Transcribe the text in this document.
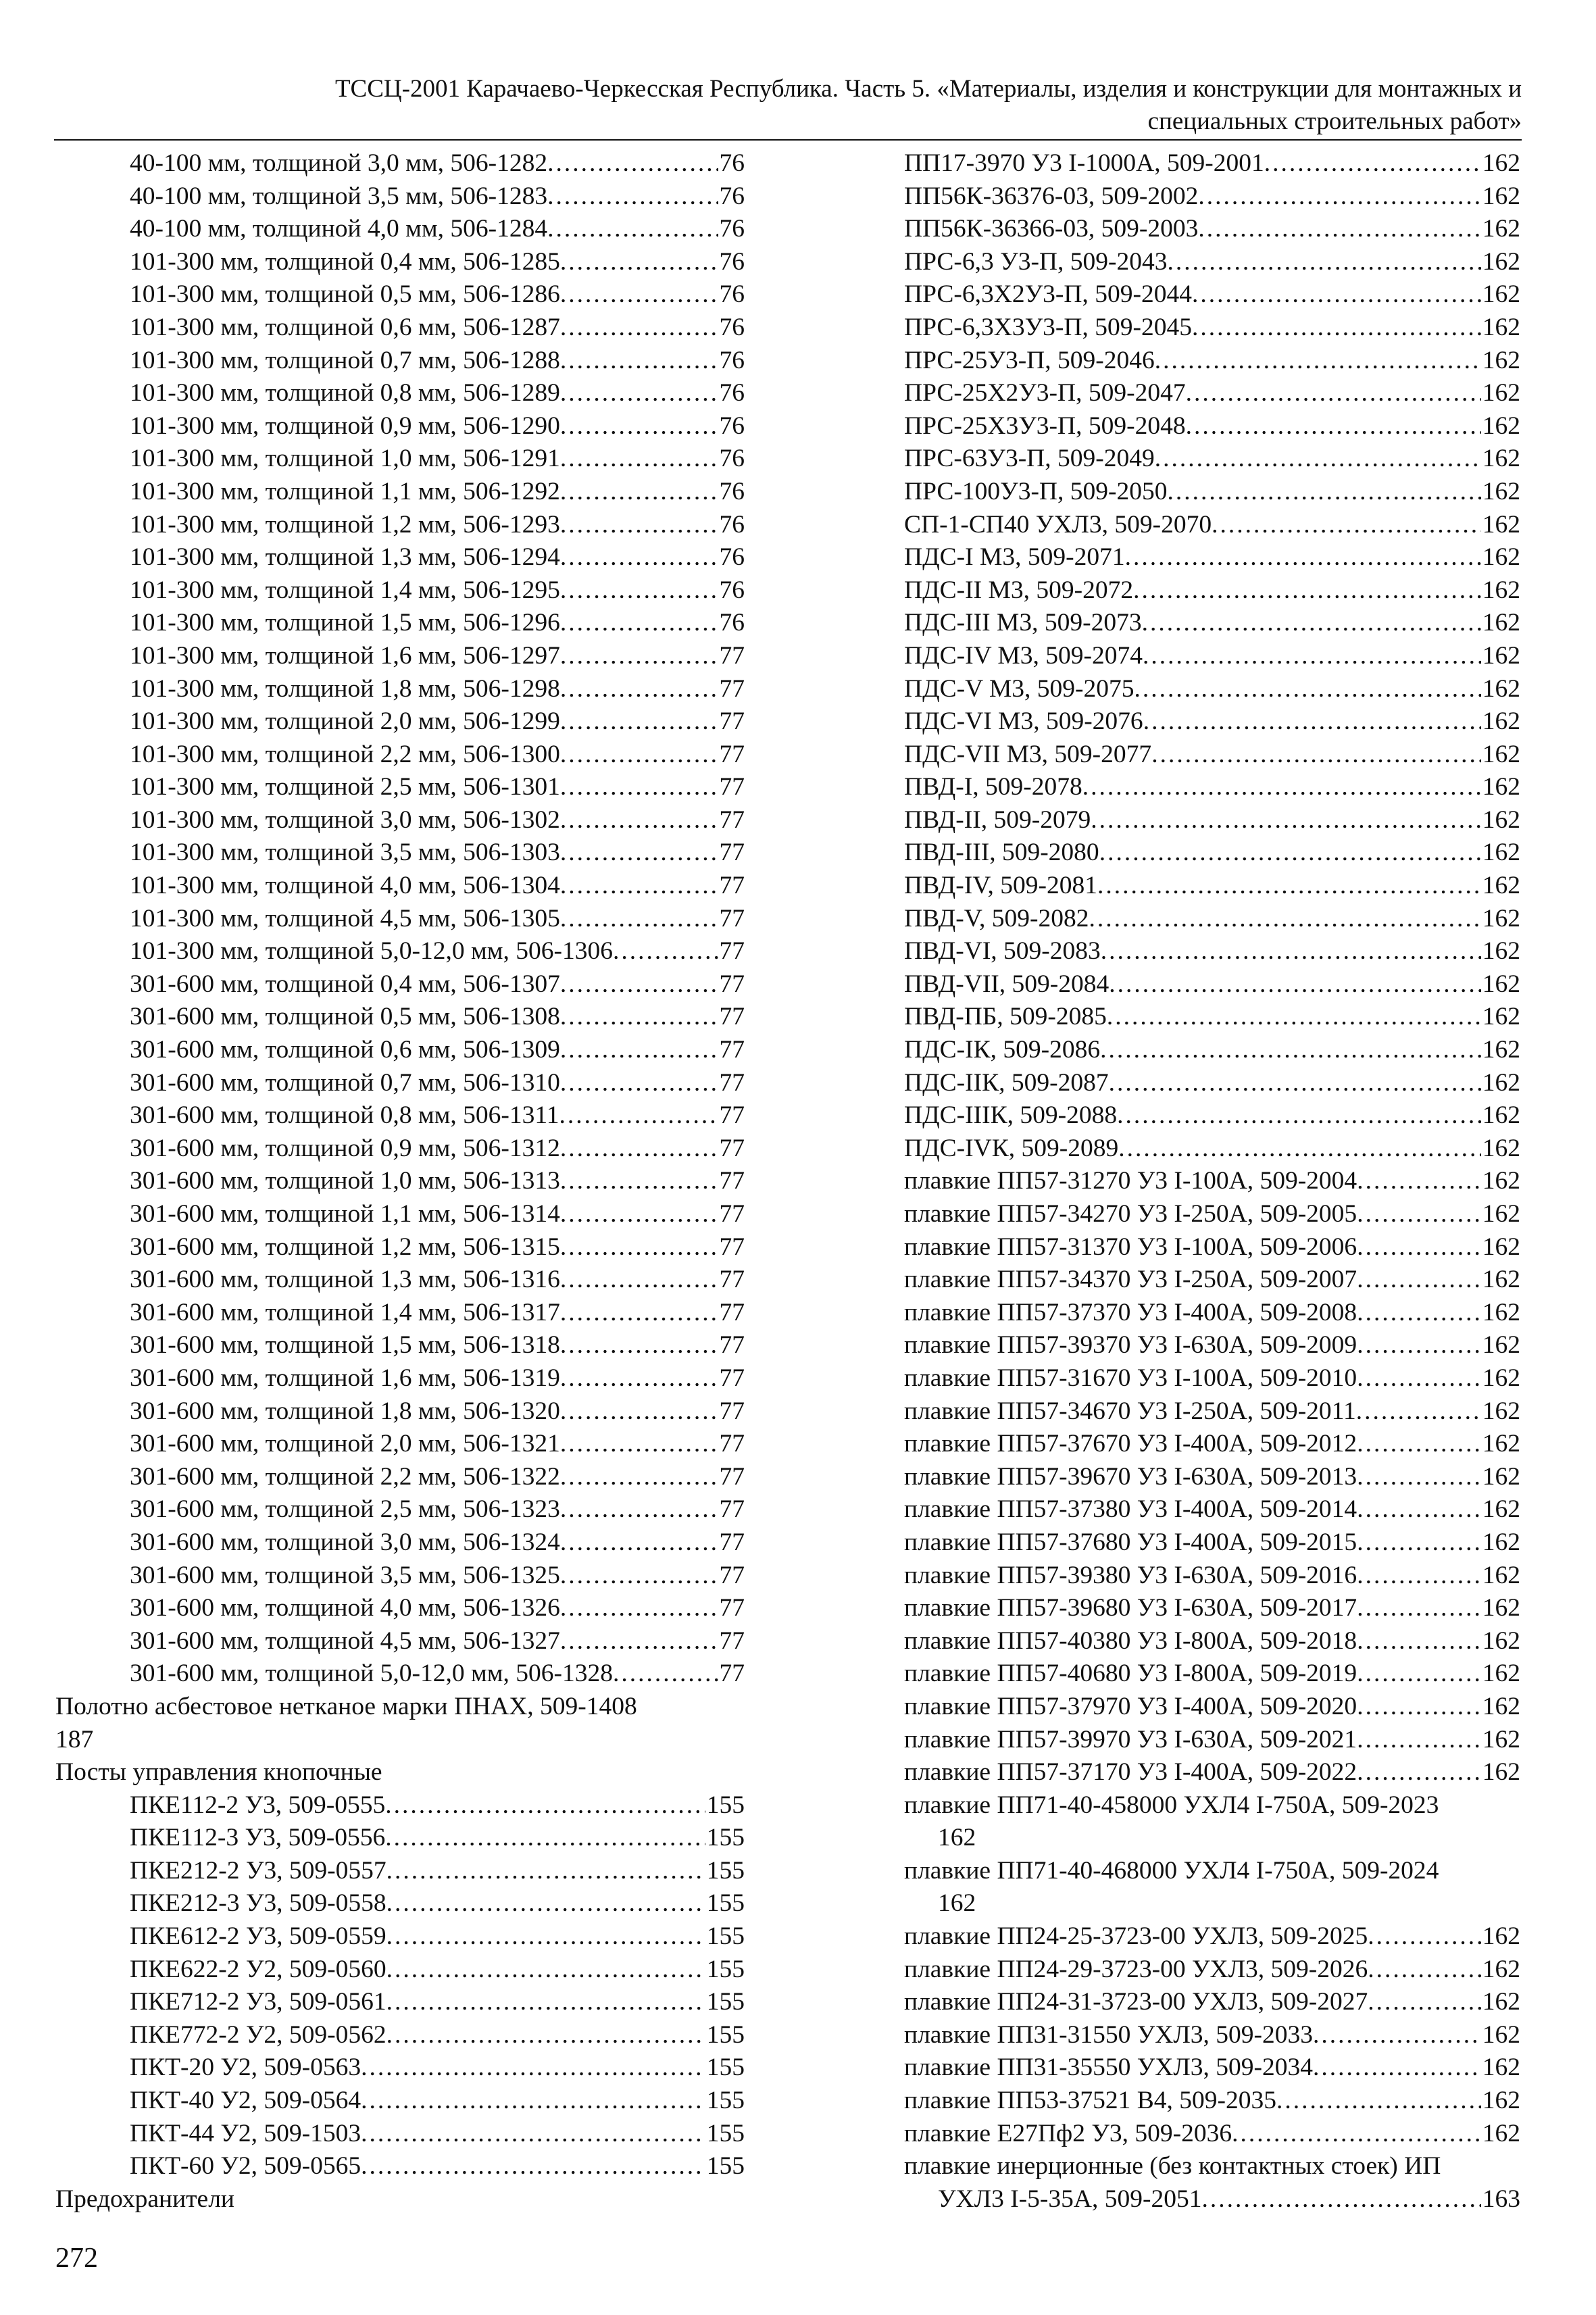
ТССЦ-2001 Карачаево-Черкесская Республика. Часть 5. «Материалы, изделия и конструкции для монтажных и
специальных строительных работ»
40-100 мм, толщиной 3,0 мм, 506-1282 .....	76
40-100 мм, толщиной 3,5 мм, 506-1283 .....	76
40-100 мм, толщиной 4,0 мм, 506-1284 .....	76
101-300 мм, толщиной 0,4 мм, 506-1285 .....	76
101-300 мм, толщиной 0,5 мм, 506-1286 .....	76
101-300 мм, толщиной 0,6 мм, 506-1287 .....	76
101-300 мм, толщиной 0,7 мм, 506-1288 .....	76
101-300 мм, толщиной 0,8 мм, 506-1289 .....	76
101-300 мм, толщиной 0,9 мм, 506-1290 .....	76
101-300 мм, толщиной 1,0 мм, 506-1291 .....	76
101-300 мм, толщиной 1,1 мм, 506-1292 .....	76
101-300 мм, толщиной 1,2 мм, 506-1293 .....	76
101-300 мм, толщиной 1,3 мм, 506-1294 .....	76
101-300 мм, толщиной 1,4 мм, 506-1295 .....	76
101-300 мм, толщиной 1,5 мм, 506-1296 .....	76
101-300 мм, толщиной 1,6 мм, 506-1297 .....	77
101-300 мм, толщиной 1,8 мм, 506-1298 .....	77
101-300 мм, толщиной 2,0 мм, 506-1299 .....	77
101-300 мм, толщиной 2,2 мм, 506-1300 .....	77
101-300 мм, толщиной 2,5 мм, 506-1301 .....	77
101-300 мм, толщиной 3,0 мм, 506-1302 .....	77
101-300 мм, толщиной 3,5 мм, 506-1303 .....	77
101-300 мм, толщиной 4,0 мм, 506-1304 .....	77
101-300 мм, толщиной 4,5 мм, 506-1305 .....	77
101-300 мм, толщиной 5,0-12,0 мм, 506-1306 .....	77
301-600 мм, толщиной 0,4 мм, 506-1307 .....	77
301-600 мм, толщиной 0,5 мм, 506-1308 .....	77
301-600 мм, толщиной 0,6 мм, 506-1309 .....	77
301-600 мм, толщиной 0,7 мм, 506-1310 .....	77
301-600 мм, толщиной 0,8 мм, 506-1311 .....	77
301-600 мм, толщиной 0,9 мм, 506-1312 .....	77
301-600 мм, толщиной 1,0 мм, 506-1313 .....	77
301-600 мм, толщиной 1,1 мм, 506-1314 .....	77
301-600 мм, толщиной 1,2 мм, 506-1315 .....	77
301-600 мм, толщиной 1,3 мм, 506-1316 .....	77
301-600 мм, толщиной 1,4 мм, 506-1317 .....	77
301-600 мм, толщиной 1,5 мм, 506-1318 .....	77
301-600 мм, толщиной 1,6 мм, 506-1319 .....	77
301-600 мм, толщиной 1,8 мм, 506-1320 .....	77
301-600 мм, толщиной 2,0 мм, 506-1321 .....	77
301-600 мм, толщиной 2,2 мм, 506-1322 .....	77
301-600 мм, толщиной 2,5 мм, 506-1323 .....	77
301-600 мм, толщиной 3,0 мм, 506-1324 .....	77
301-600 мм, толщиной 3,5 мм, 506-1325 .....	77
301-600 мм, толщиной 4,0 мм, 506-1326 .....	77
301-600 мм, толщиной 4,5 мм, 506-1327 .....	77
301-600 мм, толщиной 5,0-12,0 мм, 506-1328 .....	77
Полотно асбестовое нетканое марки ПНАХ, 509-1408
187
Посты управления кнопочные
ПКЕ112-2 У3, 509-0555 .....	155
ПКЕ112-3 У3, 509-0556 .....	155
ПКЕ212-2 У3, 509-0557 .....	155
ПКЕ212-3 У3, 509-0558 .....	155
ПКЕ612-2 У3, 509-0559 .....	155
ПКЕ622-2 У2, 509-0560 .....	155
ПКЕ712-2 У3, 509-0561 .....	155
ПКЕ772-2 У2, 509-0562 .....	155
ПКТ-20 У2, 509-0563 .....	155
ПКТ-40 У2, 509-0564 .....	155
ПКТ-44 У2, 509-1503 .....	155
ПКТ-60 У2, 509-0565 .....	155
Предохранители
ПП17-3970 У3 I-1000А, 509-2001 .....	162
ПП56К-36376-03, 509-2002 .....	162
ПП56К-36366-03, 509-2003 .....	162
ПРС-6,3 У3-П, 509-2043 .....	162
ПРС-6,3Х2У3-П, 509-2044 .....	162
ПРС-6,3Х3У3-П, 509-2045 .....	162
ПРС-25У3-П, 509-2046 .....	162
ПРС-25Х2У3-П, 509-2047 .....	162
ПРС-25Х3У3-П, 509-2048 .....	162
ПРС-63У3-П, 509-2049 .....	162
ПРС-100У3-П, 509-2050 .....	162
СП-1-СП40 УХЛ3, 509-2070 .....	162
ПДС-I М3, 509-2071 .....	162
ПДС-II М3, 509-2072 .....	162
ПДС-III М3, 509-2073 .....	162
ПДС-IV М3, 509-2074 .....	162
ПДС-V М3, 509-2075 .....	162
ПДС-VI М3, 509-2076 .....	162
ПДС-VII М3, 509-2077 .....	162
ПВД-I, 509-2078 .....	162
ПВД-II, 509-2079 .....	162
ПВД-III, 509-2080 .....	162
ПВД-IV, 509-2081 .....	162
ПВД-V, 509-2082 .....	162
ПВД-VI, 509-2083 .....	162
ПВД-VII, 509-2084 .....	162
ПВД-ПБ, 509-2085 .....	162
ПДС-IК, 509-2086 .....	162
ПДС-IIК, 509-2087 .....	162
ПДС-IIIК, 509-2088 .....	162
ПДС-IVК, 509-2089 .....	162
плавкие ПП57-31270 У3 I-100А, 509-2004 .....	162
плавкие ПП57-34270 У3 I-250А, 509-2005 .....	162
плавкие ПП57-31370 У3 I-100А, 509-2006 .....	162
плавкие ПП57-34370 У3 I-250А, 509-2007 .....	162
плавкие ПП57-37370 У3 I-400А, 509-2008 .....	162
плавкие ПП57-39370 У3 I-630А, 509-2009 .....	162
плавкие ПП57-31670 У3 I-100А, 509-2010 .....	162
плавкие ПП57-34670 У3 I-250А, 509-2011 .....	162
плавкие ПП57-37670 У3 I-400А, 509-2012 .....	162
плавкие ПП57-39670 У3 I-630А, 509-2013 .....	162
плавкие ПП57-37380 У3 I-400А, 509-2014 .....	162
плавкие ПП57-37680 У3 I-400А, 509-2015 .....	162
плавкие ПП57-39380 У3 I-630А, 509-2016 .....	162
плавкие ПП57-39680 У3 I-630А, 509-2017 .....	162
плавкие ПП57-40380 У3 I-800А, 509-2018 .....	162
плавкие ПП57-40680 У3 I-800А, 509-2019 .....	162
плавкие ПП57-37970 У3 I-400А, 509-2020 .....	162
плавкие ПП57-39970 У3 I-630А, 509-2021 .....	162
плавкие ПП57-37170 У3 I-400А, 509-2022 .....	162
плавкие ПП71-40-458000 УХЛ4 I-750А, 509-2023
162
плавкие ПП71-40-468000 УХЛ4 I-750А, 509-2024
162
плавкие ПП24-25-3723-00 УХЛ3, 509-2025 .....	162
плавкие ПП24-29-3723-00 УХЛ3, 509-2026 .....	162
плавкие ПП24-31-3723-00 УХЛ3, 509-2027 .....	162
плавкие ПП31-31550 УХЛ3, 509-2033 .....	162
плавкие ПП31-35550 УХЛ3, 509-2034 .....	162
плавкие ПП53-37521 В4, 509-2035 .....	162
плавкие Е27Пф2 У3, 509-2036 .....	162
плавкие инерционные (без контактных стоек) ИП
УХЛ3 I-5-35А, 509-2051 .....	163
272
